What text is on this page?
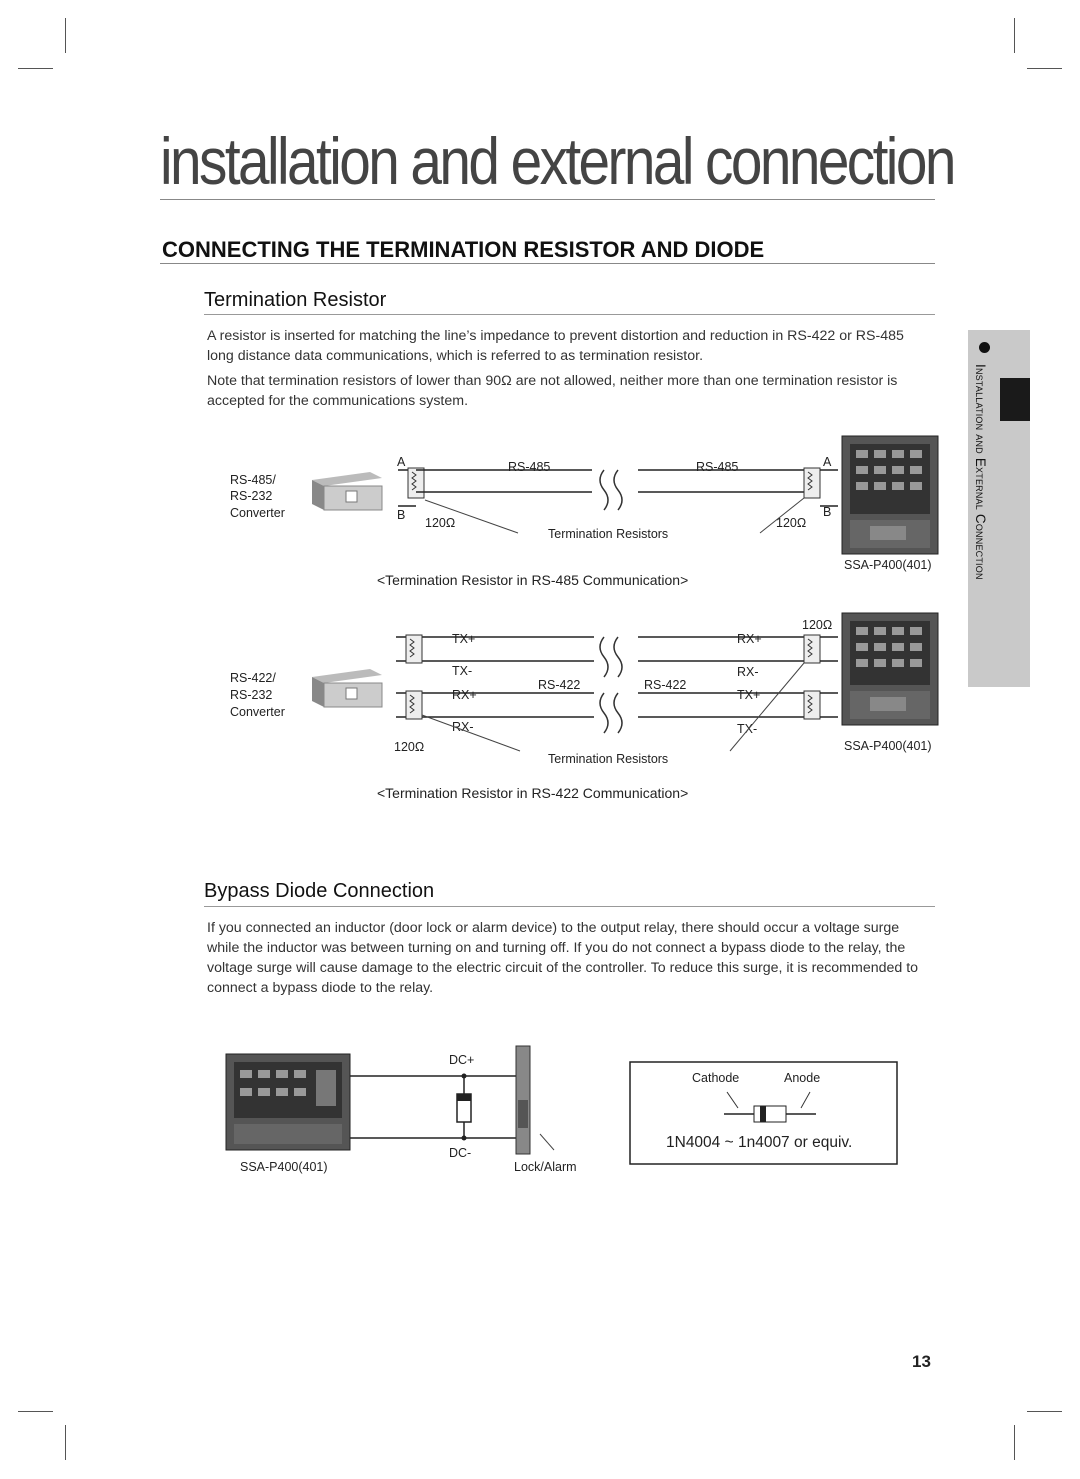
installation and external connection
CONNECTING THE TERMINATION RESISTOR AND DIODE
Installation and External Connection
Termination Resistor
A resistor is inserted for matching the line’s impedance to prevent distortion and reduction in RS-422 or RS-485 long distance data communications, which is referred to as termination resistor.
Note that termination resistors of lower than 90Ω are not allowed, neither more than one termination resistor is accepted for the communications system.
RS-485/
RS-232
Converter
A
B
120Ω
RS-485	RS-485	A
B
120Ω
Termination Resistors
SSA-P400(401)
<Termination Resistor in RS-485 Communication>
RS-422/
RS-232
Converter
TX+
TX-
RX+
RX-
120Ω
RS-422	RS-422
RX+
RX-
TX+
TX-
120Ω
Termination Resistors
SSA-P400(401)
<Termination Resistor in RS-422 Communication>
Bypass Diode Connection
If you connected an inductor (door lock or alarm device) to the output relay, there should occur a voltage surge while the inductor was between turning on and turning off. If you do not connect a bypass diode to the relay, the voltage surge will cause damage to the electric circuit of the controller. To reduce this surge, it is recommended to connect a bypass diode to the relay.
SSA-P400(401)
DC+
DC-
Lock/Alarm
Cathode	Anode
1N4004 ~ 1n4007 or equiv.
13
